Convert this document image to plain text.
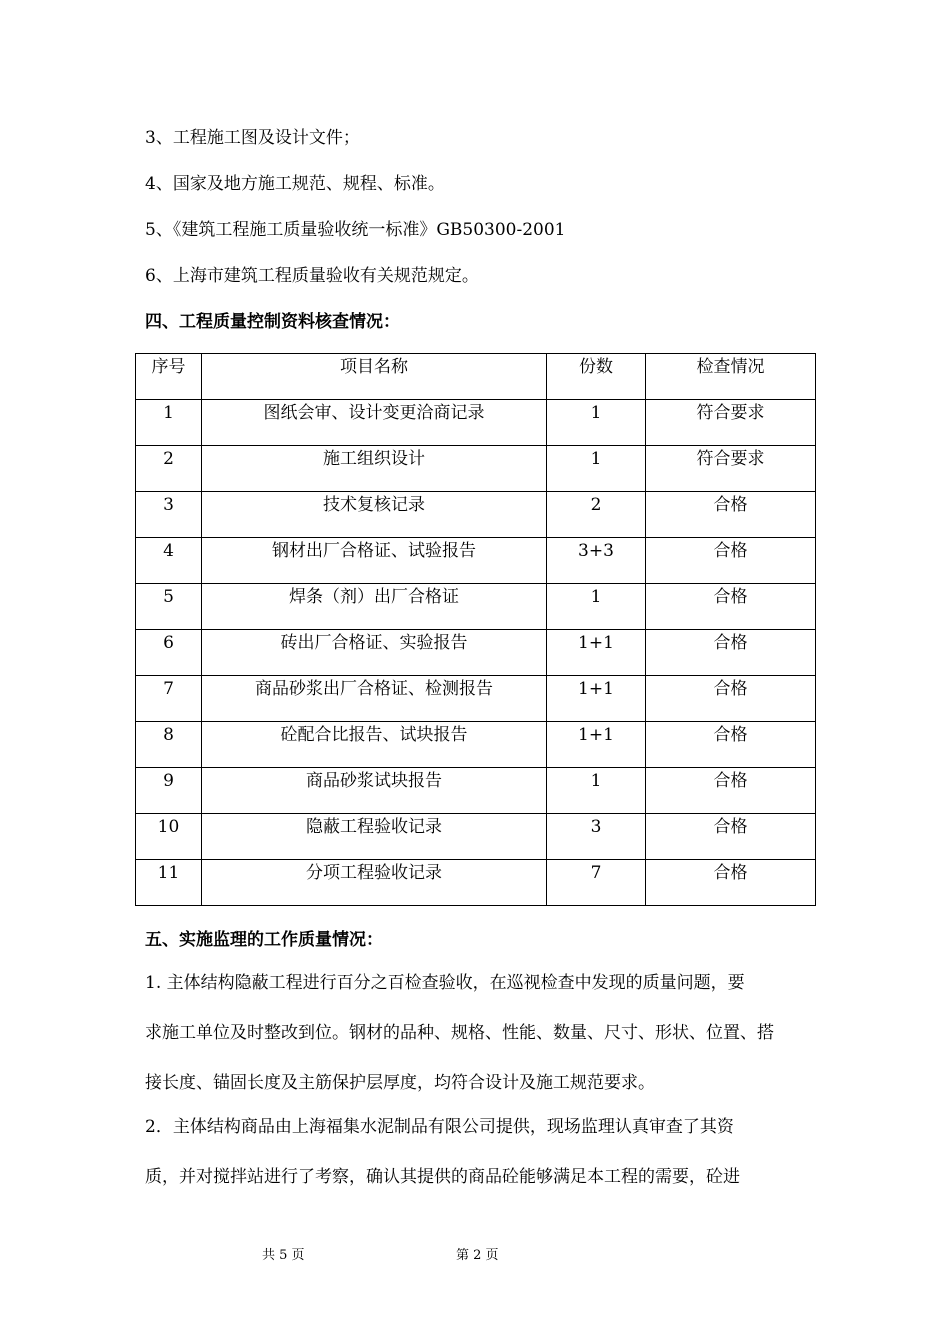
3、工程施工图及设计文件；
4、国家及地方施工规范、规程、标准。
5、《建筑工程施工质量验收统一标准》GB50300-2001
6、上海市建筑工程质量验收有关规范规定。
四、工程质量控制资料核查情况：
序号	项目名称	份数	检查情况
1	图纸会审、设计变更洽商记录	1	符合要求
2	施工组织设计	1	符合要求
3	技术复核记录	2	合格
4	钢材出厂合格证、试验报告	3+3	合格
5	焊条（剂）出厂合格证	1	合格
6	砖出厂合格证、实验报告	1+1	合格
7	商品砂浆出厂合格证、检测报告	1+1	合格
8	砼配合比报告、试块报告	1+1	合格
9	商品砂浆试块报告	1	合格
10	隐蔽工程验收记录	3	合格
11	分项工程验收记录	7	合格
五、实施监理的工作质量情况：
1. 主体结构隐蔽工程进行百分之百检查验收，在巡视检查中发现的质量问题，要
求施工单位及时整改到位。钢材的品种、规格、性能、数量、尺寸、形状、位置、搭
接长度、锚固长度及主筋保护层厚度，均符合设计及施工规范要求。
2．主体结构商品由上海福集水泥制品有限公司提供，现场监理认真审查了其资
质，并对搅拌站进行了考察，确认其提供的商品砼能够满足本工程的需要，砼进
共 5 页	第 2 页
